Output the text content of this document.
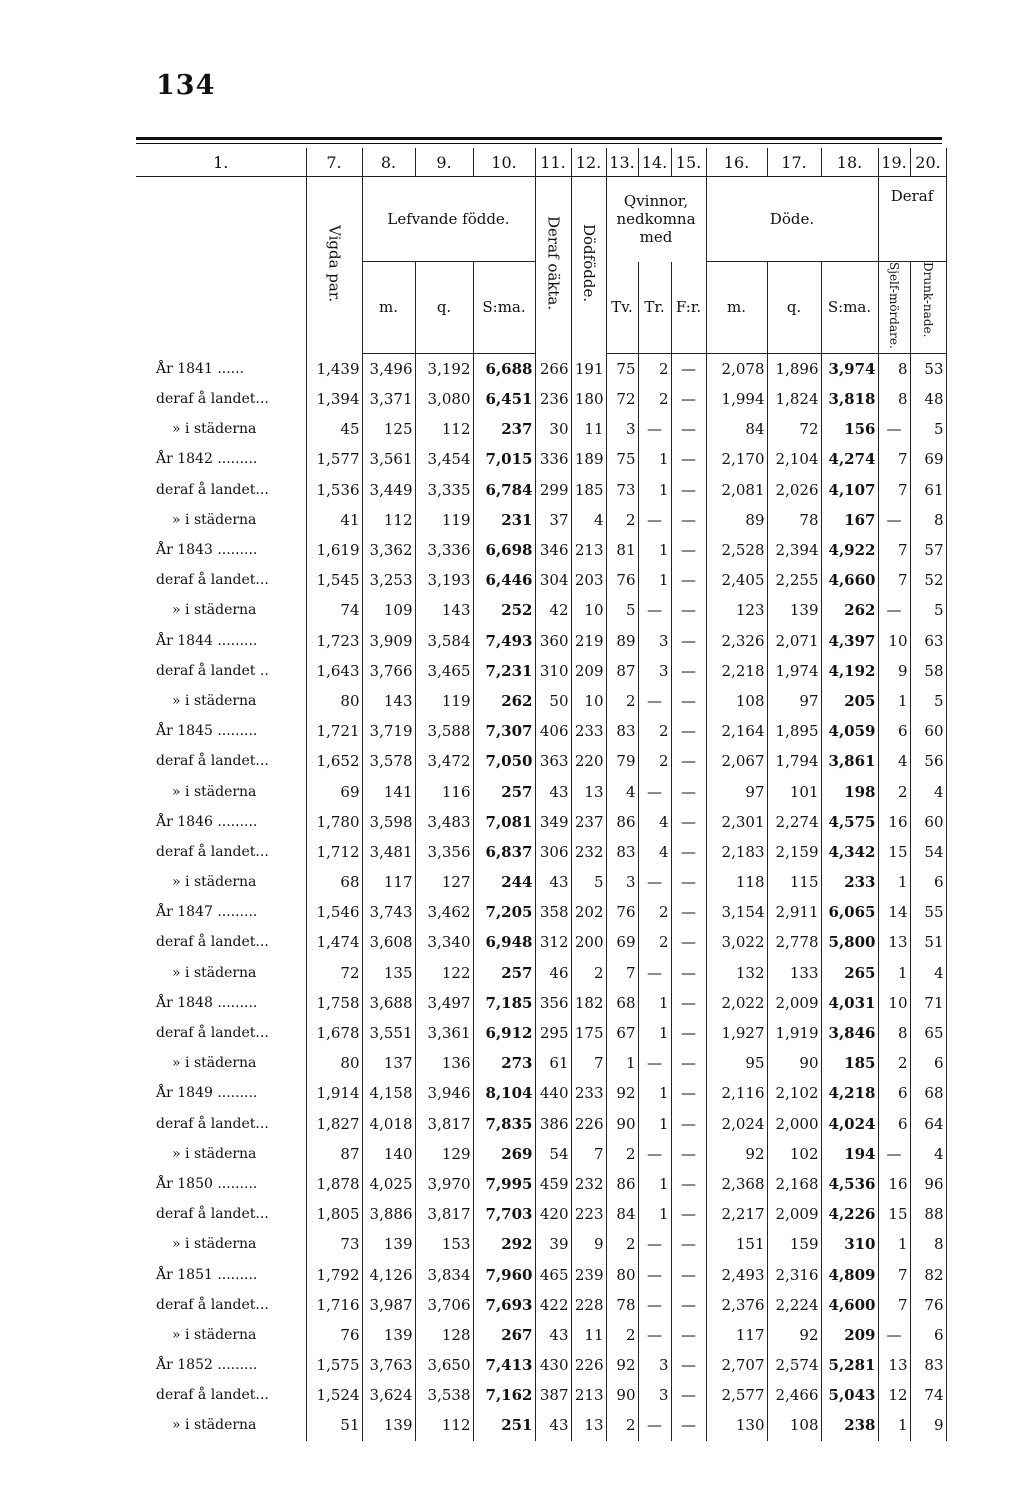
134
1.	7.	8.	9.	10.	11.	12.	13.	14.	15.	16.	17.	18.	19.	20.
	Vigda par.	Lefvande födde.			Deraf oäkta.	Dödfödde.	Qvinnor, nedkomna med			Döde.			Deraf	
		m.	q.	S:ma.			Tv.	Tr.	F:r.	m.	q.	S:ma.	Sjelf-mördare.	Drunk-nade.
År 1841 ......	1,439	3,496	3,192	6,688	266	191	75	2	—	2,078	1,896	3,974	8	53
deraf å landet...	1,394	3,371	3,080	6,451	236	180	72	2	—	1,994	1,824	3,818	8	48
» i städerna	45	125	112	237	30	11	3	—	—	84	72	156	—	5
År 1842 .........	1,577	3,561	3,454	7,015	336	189	75	1	—	2,170	2,104	4,274	7	69
deraf å landet...	1,536	3,449	3,335	6,784	299	185	73	1	—	2,081	2,026	4,107	7	61
» i städerna	41	112	119	231	37	4	2	—	—	89	78	167	—	8
År 1843 .........	1,619	3,362	3,336	6,698	346	213	81	1	—	2,528	2,394	4,922	7	57
deraf å landet...	1,545	3,253	3,193	6,446	304	203	76	1	—	2,405	2,255	4,660	7	52
» i städerna	74	109	143	252	42	10	5	—	—	123	139	262	—	5
År 1844 .........	1,723	3,909	3,584	7,493	360	219	89	3	—	2,326	2,071	4,397	10	63
deraf å landet ..	1,643	3,766	3,465	7,231	310	209	87	3	—	2,218	1,974	4,192	9	58
» i städerna	80	143	119	262	50	10	2	—	—	108	97	205	1	5
År 1845 .........	1,721	3,719	3,588	7,307	406	233	83	2	—	2,164	1,895	4,059	6	60
deraf å landet...	1,652	3,578	3,472	7,050	363	220	79	2	—	2,067	1,794	3,861	4	56
» i städerna	69	141	116	257	43	13	4	—	—	97	101	198	2	4
År 1846 .........	1,780	3,598	3,483	7,081	349	237	86	4	—	2,301	2,274	4,575	16	60
deraf å landet...	1,712	3,481	3,356	6,837	306	232	83	4	—	2,183	2,159	4,342	15	54
» i städerna	68	117	127	244	43	5	3	—	—	118	115	233	1	6
År 1847 .........	1,546	3,743	3,462	7,205	358	202	76	2	—	3,154	2,911	6,065	14	55
deraf å landet...	1,474	3,608	3,340	6,948	312	200	69	2	—	3,022	2,778	5,800	13	51
» i städerna	72	135	122	257	46	2	7	—	—	132	133	265	1	4
År 1848 .........	1,758	3,688	3,497	7,185	356	182	68	1	—	2,022	2,009	4,031	10	71
deraf å landet...	1,678	3,551	3,361	6,912	295	175	67	1	—	1,927	1,919	3,846	8	65
» i städerna	80	137	136	273	61	7	1	—	—	95	90	185	2	6
År 1849 .........	1,914	4,158	3,946	8,104	440	233	92	1	—	2,116	2,102	4,218	6	68
deraf å landet...	1,827	4,018	3,817	7,835	386	226	90	1	—	2,024	2,000	4,024	6	64
» i städerna	87	140	129	269	54	7	2	—	—	92	102	194	—	4
År 1850 .........	1,878	4,025	3,970	7,995	459	232	86	1	—	2,368	2,168	4,536	16	96
deraf å landet...	1,805	3,886	3,817	7,703	420	223	84	1	—	2,217	2,009	4,226	15	88
» i städerna	73	139	153	292	39	9	2	—	—	151	159	310	1	8
År 1851 .........	1,792	4,126	3,834	7,960	465	239	80	—	—	2,493	2,316	4,809	7	82
deraf å landet...	1,716	3,987	3,706	7,693	422	228	78	—	—	2,376	2,224	4,600	7	76
» i städerna	76	139	128	267	43	11	2	—	—	117	92	209	—	6
År 1852 .........	1,575	3,763	3,650	7,413	430	226	92	3	—	2,707	2,574	5,281	13	83
deraf å landet...	1,524	3,624	3,538	7,162	387	213	90	3	—	2,577	2,466	5,043	12	74
» i städerna	51	139	112	251	43	13	2	—	—	130	108	238	1	9
